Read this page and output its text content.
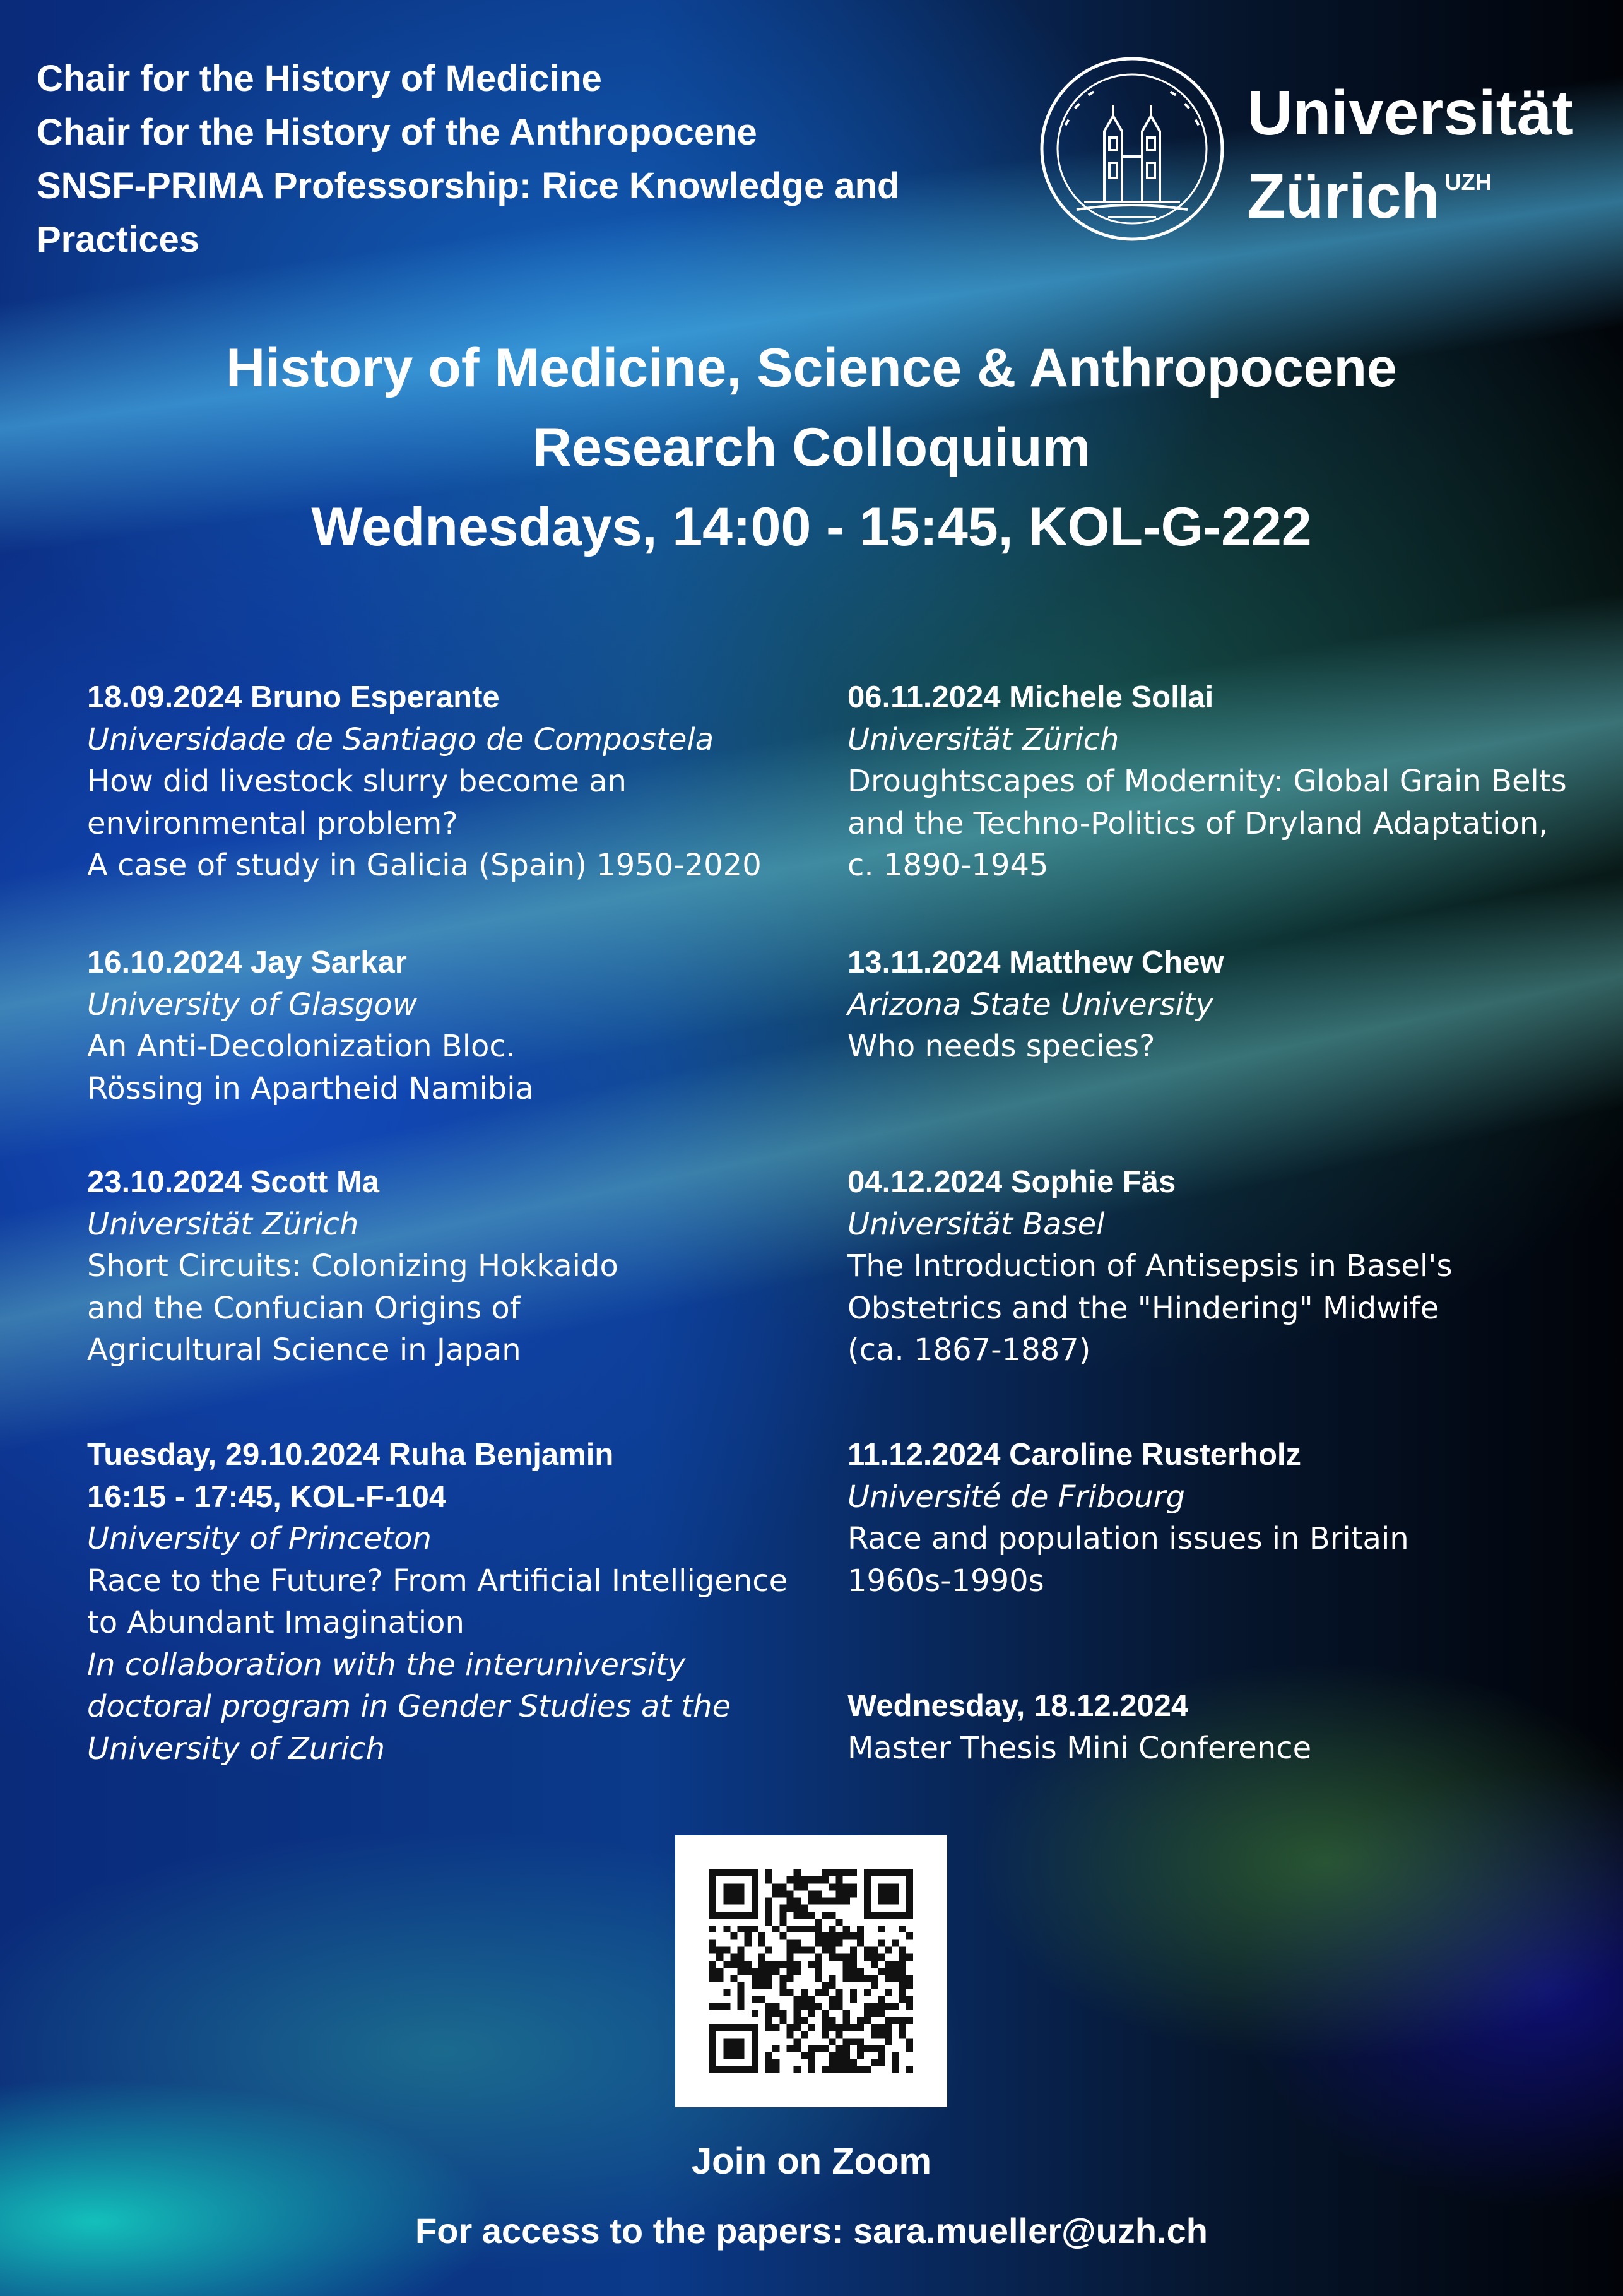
Chair for the History of Medicine
Chair for the History of the Anthropocene
SNSF-PRIMA Professorship: Rice Knowledge and
Practices
Universität
Zürich $^{UZH}$
History of Medicine, Science & Anthropocene
Research Colloquium
Wednesdays, 14:00 - 15:45, KOL-G-222
18.09.2024 Bruno Esperante
Universidade de Santiago de Compostela
How did livestock slurry become an
environmental problem?
A case of study in Galicia (Spain) 1950-2020
16.10.2024 Jay Sarkar
University of Glasgow
An Anti-Decolonization Bloc.
Rössing in Apartheid Namibia
23.10.2024 Scott Ma
Universität Zürich
Short Circuits: Colonizing Hokkaido
and the Confucian Origins of
Agricultural Science in Japan
Tuesday, 29.10.2024 Ruha Benjamin
16:15 - 17:45, KOL-F-104
University of Princeton
Race to the Future? From Artificial Intelligence
to Abundant Imagination
In collaboration with the interuniversity
doctoral program in Gender Studies at the
University of Zurich
06.11.2024 Michele Sollai
Universität Zürich
Droughtscapes of Modernity: Global Grain Belts
and the Techno-Politics of Dryland Adaptation,
c. 1890-1945
13.11.2024 Matthew Chew
Arizona State University
Who needs species?
04.12.2024 Sophie Fäs
Universität Basel
The Introduction of Antisepsis in Basel's
Obstetrics and the "Hindering" Midwife
(ca. 1867-1887)
11.12.2024 Caroline Rusterholz
Université de Fribourg
Race and population issues in Britain
1960s-1990s
Wednesday, 18.12.2024
Master Thesis Mini Conference
Join on Zoom
For access to the papers: sara.mueller@uzh.ch
